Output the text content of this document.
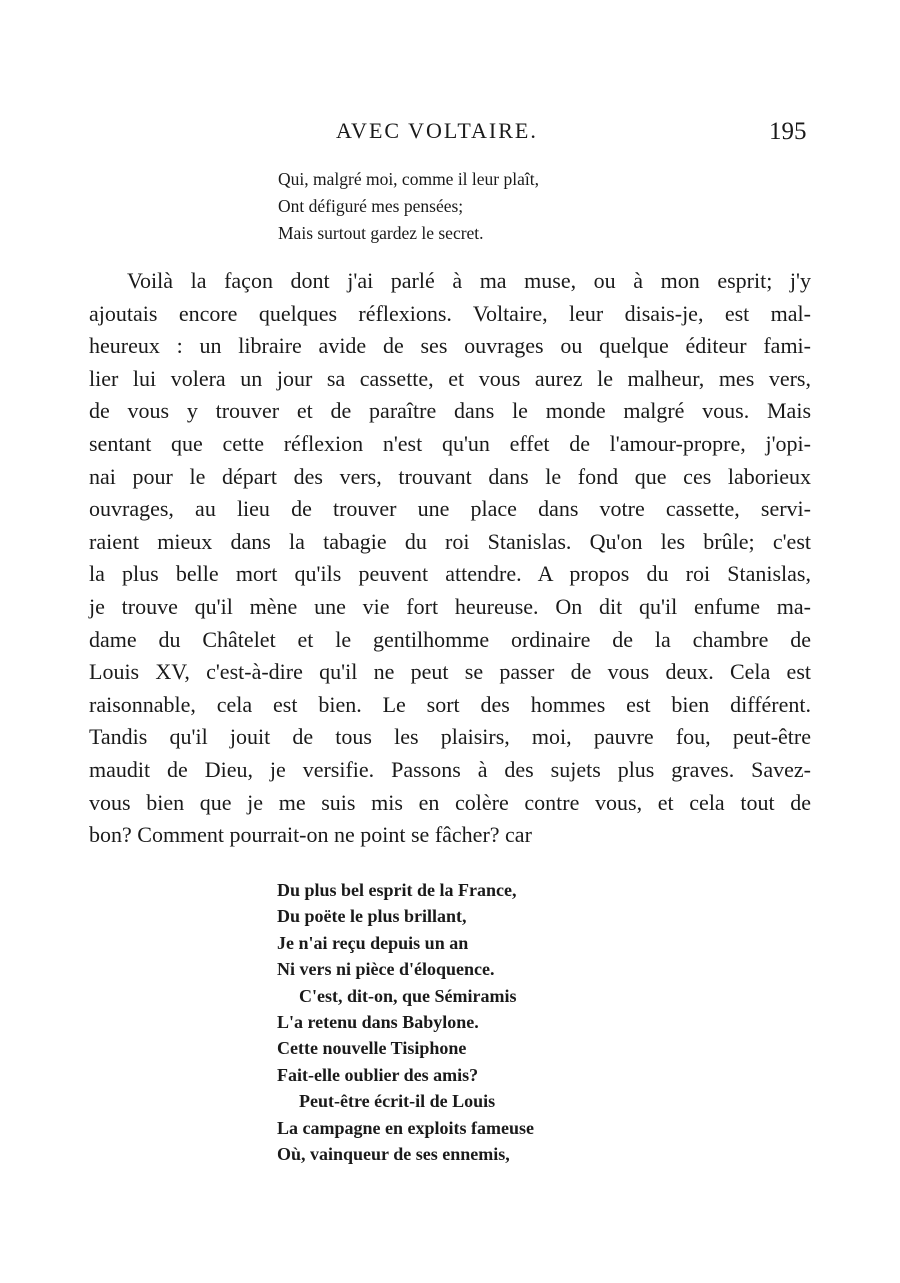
AVEC VOLTAIRE.	195
Qui, malgré moi, comme il leur plaît,
Ont défiguré mes pensées;
Mais surtout gardez le secret.
Voilà la façon dont j'ai parlé à ma muse, ou à mon esprit; j'y
ajoutais encore quelques réflexions. Voltaire, leur disais-je, est mal-
heureux : un libraire avide de ses ouvrages ou quelque éditeur fami-
lier lui volera un jour sa cassette, et vous aurez le malheur, mes vers,
de vous y trouver et de paraître dans le monde malgré vous. Mais
sentant que cette réflexion n'est qu'un effet de l'amour-propre, j'opi-
nai pour le départ des vers, trouvant dans le fond que ces laborieux
ouvrages, au lieu de trouver une place dans votre cassette, servi-
raient mieux dans la tabagie du roi Stanislas. Qu'on les brûle; c'est
la plus belle mort qu'ils peuvent attendre. A propos du roi Stanislas,
je trouve qu'il mène une vie fort heureuse. On dit qu'il enfume ma-
dame du Châtelet et le gentilhomme ordinaire de la chambre de
Louis XV, c'est-à-dire qu'il ne peut se passer de vous deux. Cela est
raisonnable, cela est bien. Le sort des hommes est bien différent.
Tandis qu'il jouit de tous les plaisirs, moi, pauvre fou, peut-être
maudit de Dieu, je versifie. Passons à des sujets plus graves. Savez-
vous bien que je me suis mis en colère contre vous, et cela tout de
bon? Comment pourrait-on ne point se fâcher? car
Du plus bel esprit de la France,
Du poëte le plus brillant,
Je n'ai reçu depuis un an
Ni vers ni pièce d'éloquence.
C'est, dit-on, que Sémiramis
L'a retenu dans Babylone.
Cette nouvelle Tisiphone
Fait-elle oublier des amis?
Peut-être écrit-il de Louis
La campagne en exploits fameuse
Où, vainqueur de ses ennemis,
